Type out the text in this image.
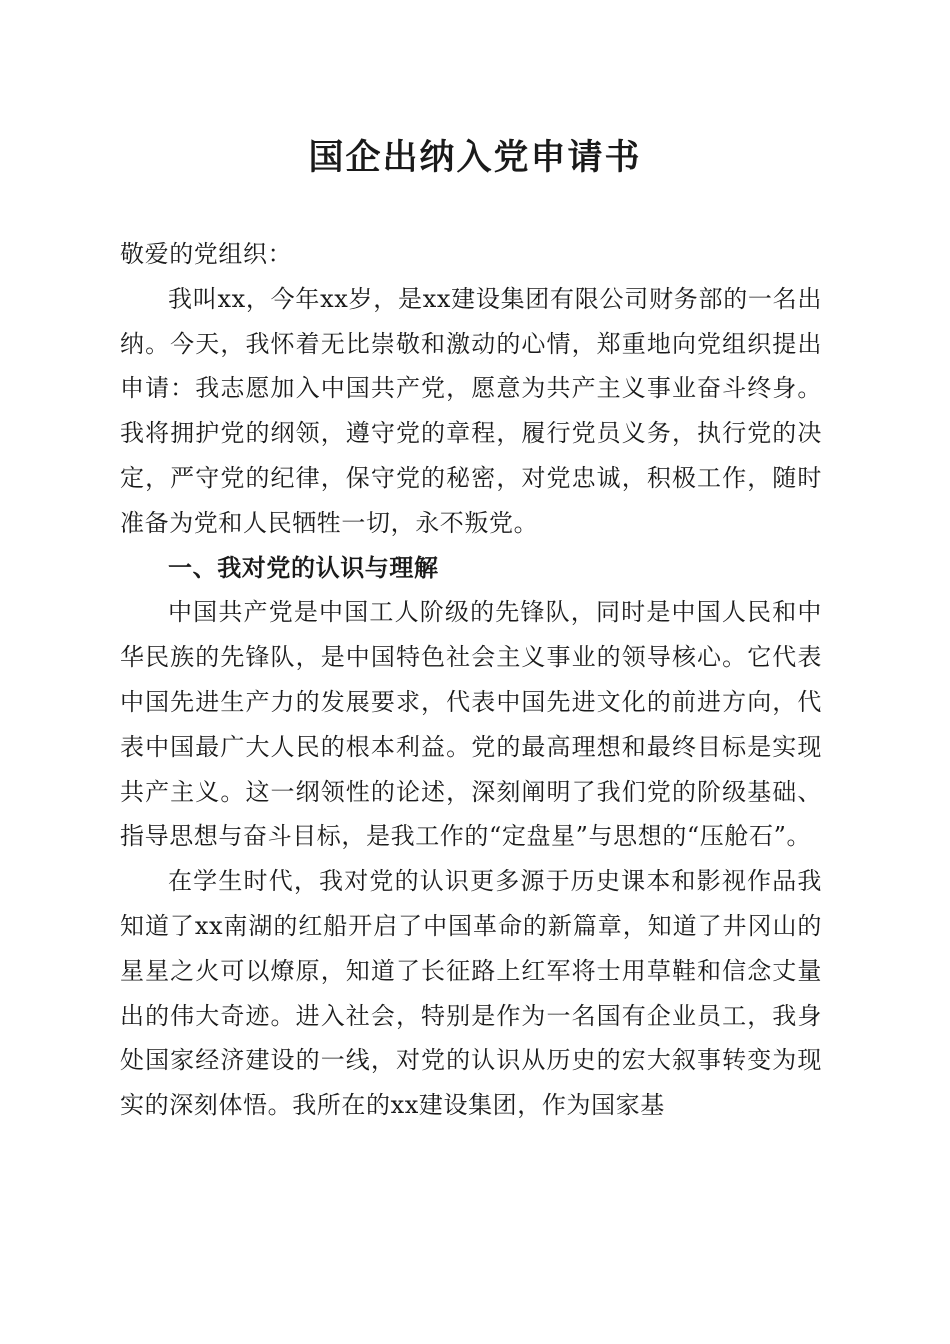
国企出纳入党申请书

敬爱的党组织：

我叫xx，今年xx岁，是xx建设集团有限公司财务部的一名出纳。今天，我怀着无比崇敬和激动的心情，郑重地向党组织提出申请：我志愿加入中国共产党，愿意为共产主义事业奋斗终身。我将拥护党的纲领，遵守党的章程，履行党员义务，执行党的决定，严守党的纪律，保守党的秘密，对党忠诚，积极工作，随时准备为党和人民牺牲一切，永不叛党。

一、我对党的认识与理解

中国共产党是中国工人阶级的先锋队，同时是中国人民和中华民族的先锋队，是中国特色社会主义事业的领导核心。它代表中国先进生产力的发展要求，代表中国先进文化的前进方向，代表中国最广大人民的根本利益。党的最高理想和最终目标是实现共产主义。这一纲领性的论述，深刻阐明了我们党的阶级基础、指导思想与奋斗目标，是我工作的“定盘星”与思想的“压舱石”。

在学生时代，我对党的认识更多源于历史课本和影视作品我知道了xx南湖的红船开启了中国革命的新篇章，知道了井冈山的星星之火可以燎原，知道了长征路上红军将士用草鞋和信念丈量出的伟大奇迹。进入社会，特别是作为一名国有企业员工，我身处国家经济建设的一线，对党的认识从历史的宏大叙事转变为现实的深刻体悟。我所在的xx建设集团，作为国家基
